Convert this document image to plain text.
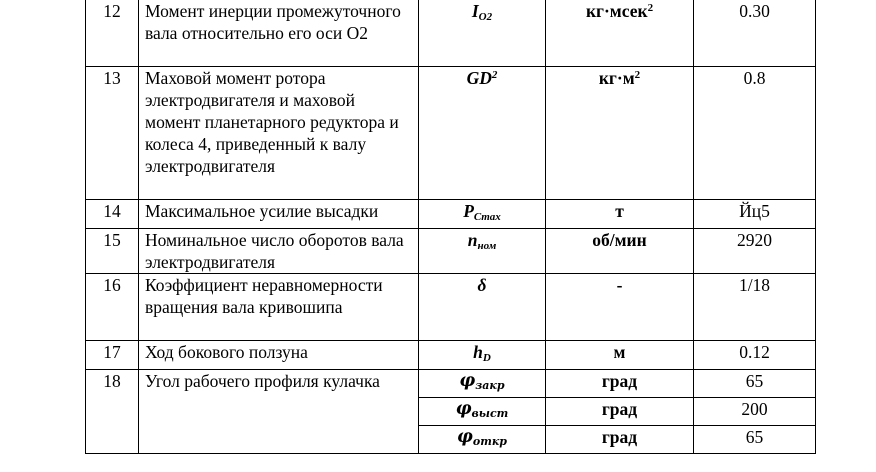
12	Момент инерции промежуточного вала относительно его оси О2	$I_{O2}$	кг·мсек$^2$	0.30
13	Маховой момент ротора электродвигателя и маховой момент планетарного редуктора и колеса 4, приведенный к валу электродвигателя	$GD^2$	$кг\cdot м^2$	0.8
14	Максимальное усилие высадки	$P_{Cmax}$	т	Йц5
15	Номинальное число оборотов вала электродвигателя	$n_{ном}$	об/мин	2920
16	Коэффициент неравномерности вращения вала кривошипа	δ	-	1/18
17	Ход бокового ползуна	$h_D$	м	0.12
18	Угол рабочего профиля кулачка	$\varphi_{закр}$	град	65
		$\varphi_{выст}$	град	200
		$\varphi_{откр}$	град	65
